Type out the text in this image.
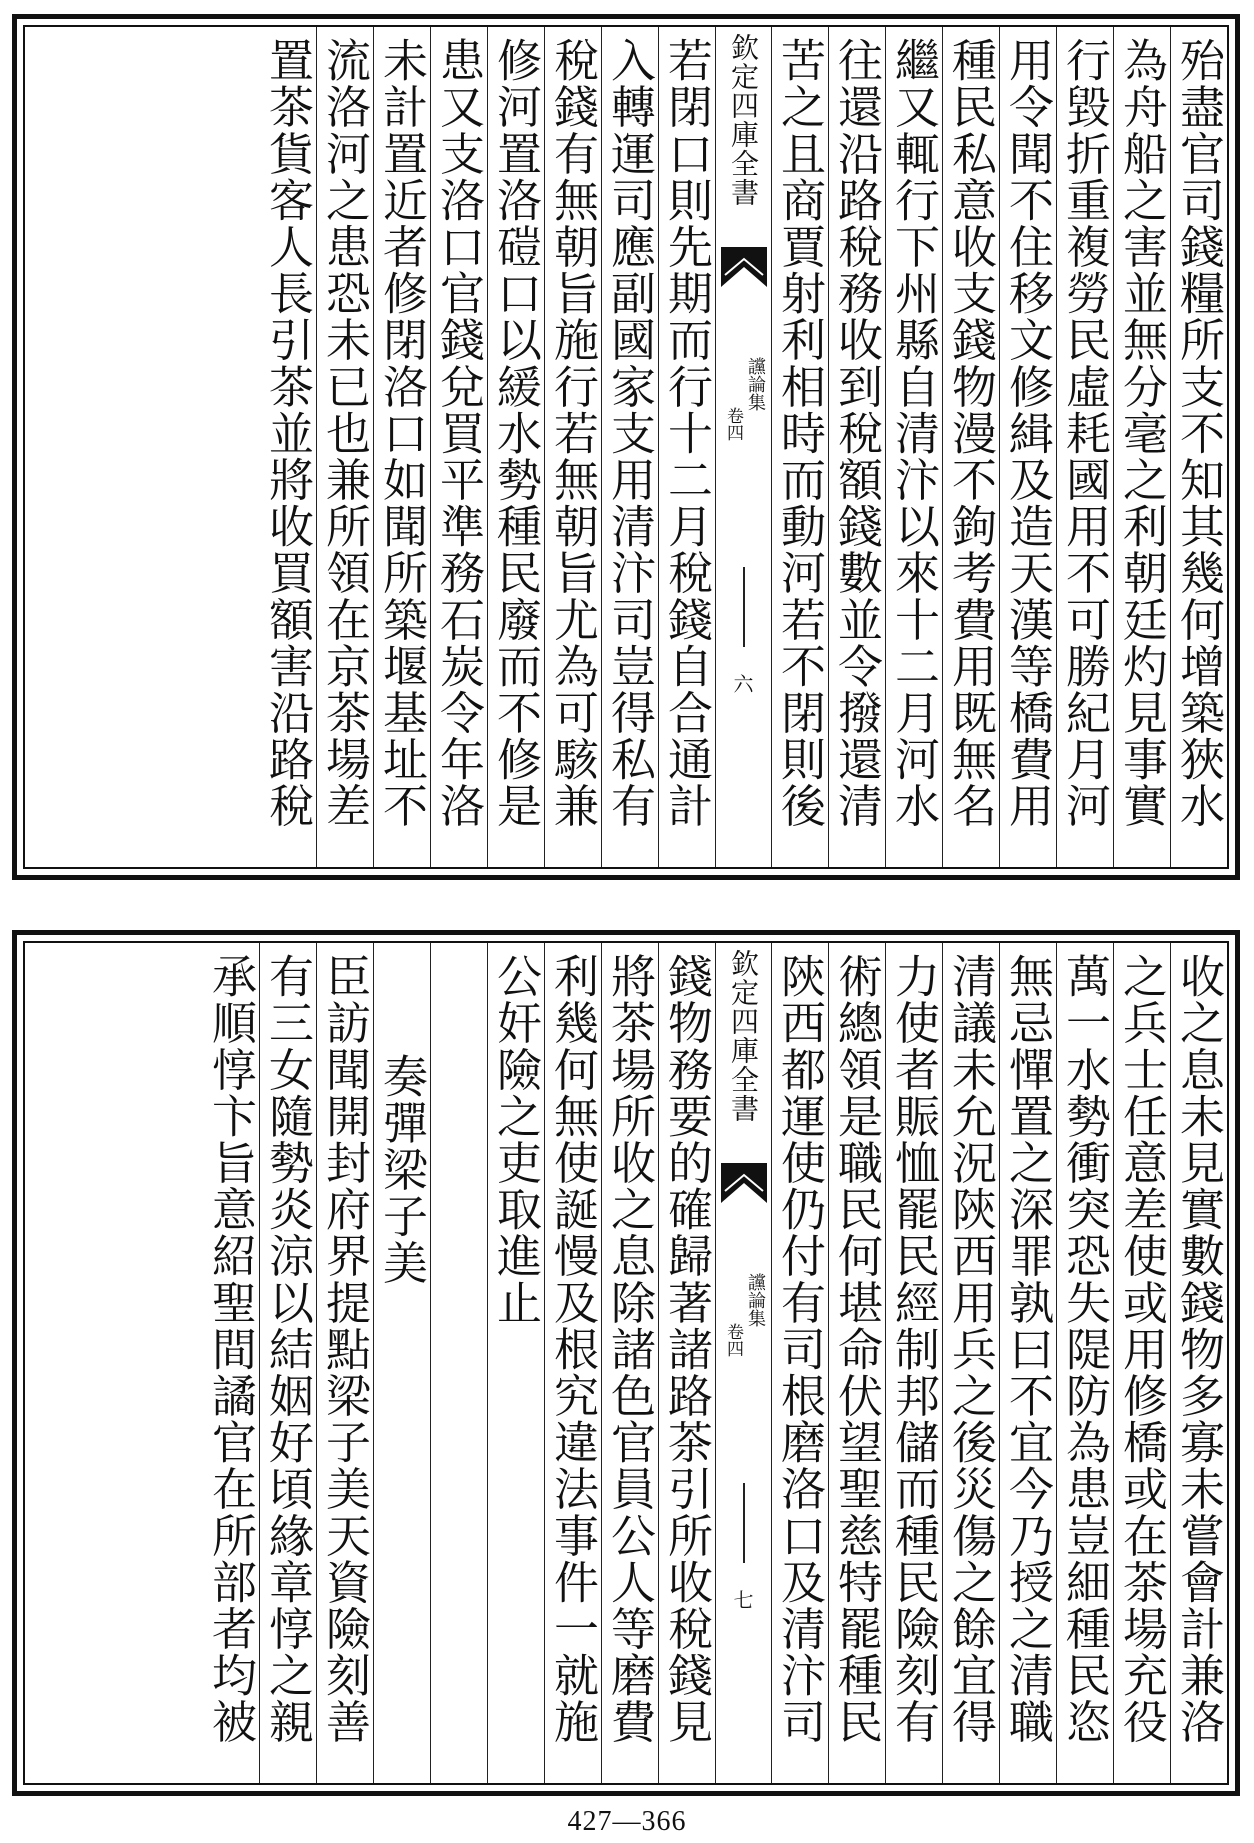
殆盡官司錢糧所支不知其幾何增築狹水
為舟船之害並無分毫之利朝廷灼見事實
行毀折重複勞民虛耗國用不可勝紀月河
用令聞不住移文修緝及造天漢等橋費用
種民私意收支錢物漫不鉤考費用既無名
繼又輒行下州縣自清汴以來十二月河水
往還沿路稅務收到稅額錢數並令撥還清
苦之且商賈射利相時而動河若不閉則後
欽定四庫全書
讜論集
卷四
六
若閉口則先期而行十二月稅錢自合通計
入轉運司應副國家支用清汴司豈得私有
稅錢有無朝旨施行若無朝旨尤為可駭兼
修河置洛磑口以緩水勢種民廢而不修是
患又支洛口官錢兌買平準務石炭令年洛
未計置近者修閉洛口如聞所築堰基址不
流洛河之患恐未已也兼所領在京茶場差
置茶貨客人長引茶並將收買額害沿路稅
收之息未見實數錢物多寡未嘗會計兼洛
之兵士任意差使或用修橋或在茶場充役
萬一水勢衝突恐失隄防為患豈細種民恣
無忌憚置之深罪孰曰不宜今乃授之清職
清議未允況陝西用兵之後災傷之餘宜得
力使者賑恤罷民經制邦儲而種民險刻有
術總領是職民何堪命伏望聖慈特罷種民
陝西都運使仍付有司根磨洛口及清汴司
欽定四庫全書
讜論集
卷四
七
錢物務要的確歸著諸路茶引所收稅錢見
將茶場所收之息除諸色官員公人等磨費
利幾何無使誕慢及根究違法事件一就施
公奸險之吏取進止
奏彈梁子美
臣訪聞開封府界提點梁子美天資險刻善
有三女隨勢炎涼以結姻好頃緣章惇之親
承順惇卞旨意紹聖間譎官在所部者均被
427—366
